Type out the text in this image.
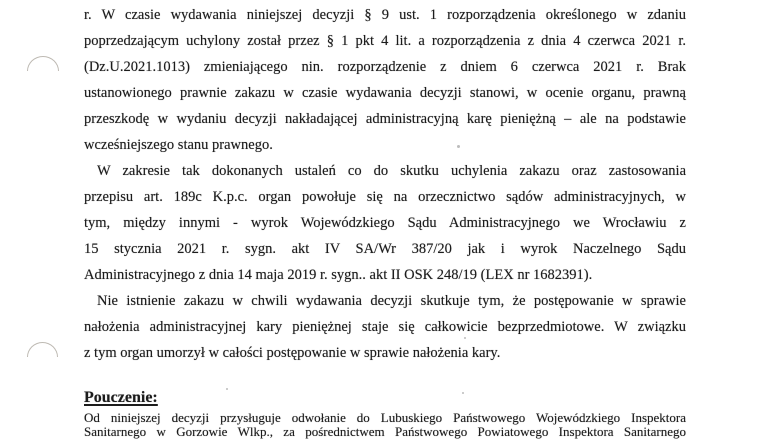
r. W czasie wydawania niniejszej decyzji § 9 ust. 1 rozporządzenia określonego w zdaniu
poprzedzającym uchylony został przez § 1 pkt 4 lit. a rozporządzenia z dnia 4 czerwca 2021 r.
(Dz.U.2021.1013) zmieniającego nin. rozporządzenie z dniem 6 czerwca 2021 r. Brak
ustanowionego prawnie zakazu w czasie wydawania decyzji stanowi, w ocenie organu, prawną
przeszkodę w wydaniu decyzji nakładającej administracyjną karę pieniężną – ale na podstawie
wcześniejszego stanu prawnego.
W zakresie tak dokonanych ustaleń co do skutku uchylenia zakazu oraz zastosowania
przepisu art. 189c K.p.c. organ powołuje się na orzecznictwo sądów administracyjnych, w
tym, między innymi - wyrok Wojewódzkiego Sądu Administracyjnego we Wrocławiu z
15 stycznia 2021 r. sygn. akt IV SA/Wr 387/20 jak i wyrok Naczelnego Sądu
Administracyjnego z dnia 14 maja 2019 r. sygn.. akt II OSK 248/19 (LEX nr 1682391).
Nie istnienie zakazu w chwili wydawania decyzji skutkuje tym, że postępowanie w sprawie
nałożenia administracyjnej kary pieniężnej staje się całkowicie bezprzedmiotowe. W związku
z tym organ umorzył w całości postępowanie w sprawie nałożenia kary.
Pouczenie:
Od niniejszej decyzji przysługuje odwołanie do Lubuskiego Państwowego Wojewódzkiego Inspektora
Sanitarnego w Gorzowie Wlkp., za pośrednictwem Państwowego Powiatowego Inspektora Sanitarnego
